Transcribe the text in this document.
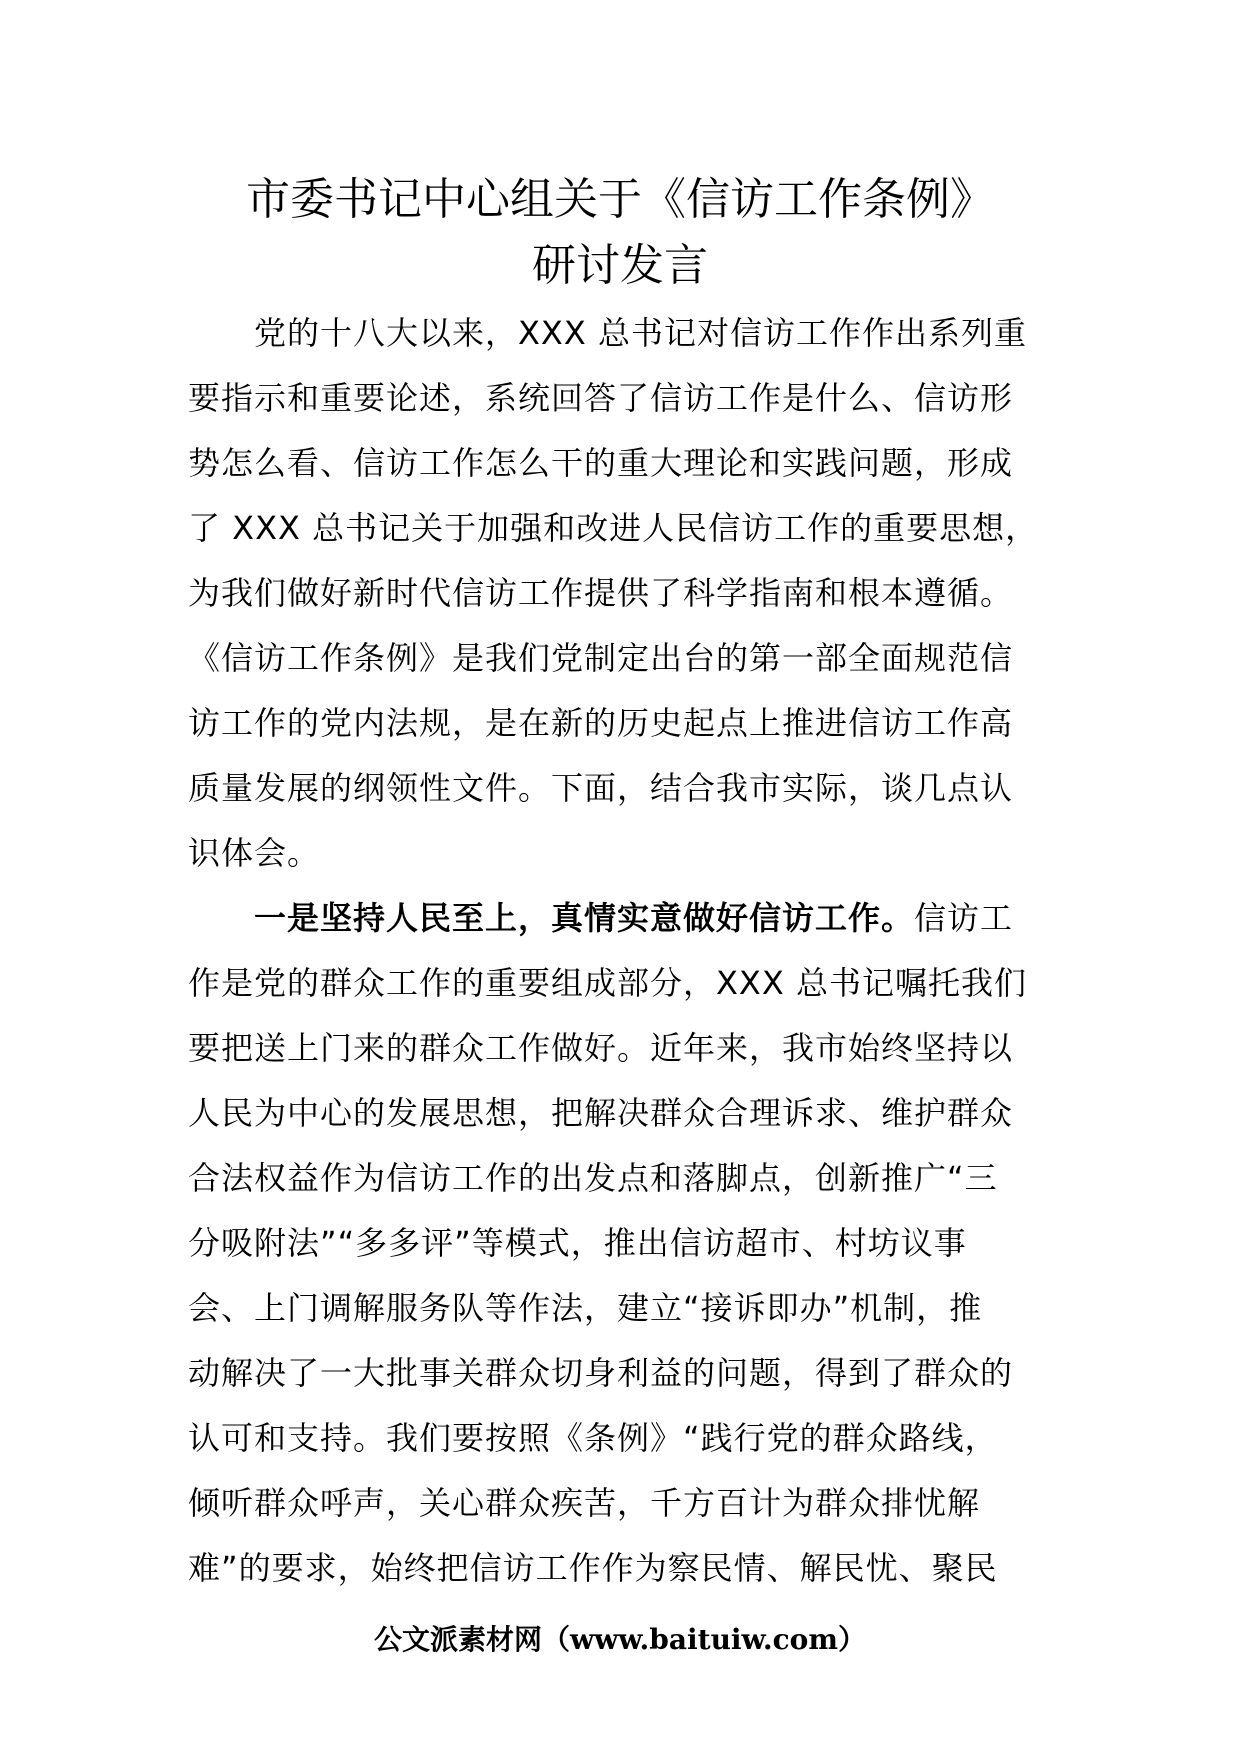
市委书记中心组关于《信访工作条例》
研讨发言
　　党的十八大以来，XXX 总书记对信访工作作出系列重
要指示和重要论述，系统回答了信访工作是什么、信访形
势怎么看、信访工作怎么干的重大理论和实践问题，形成
了 XXX 总书记关于加强和改进人民信访工作的重要思想，
为我们做好新时代信访工作提供了科学指南和根本遵循。
《信访工作条例》是我们党制定出台的第一部全面规范信
访工作的党内法规，是在新的历史起点上推进信访工作高
质量发展的纲领性文件。下面，结合我市实际，谈几点认
识体会。
　　一是坚持人民至上，真情实意做好信访工作。信访工
作是党的群众工作的重要组成部分，XXX 总书记嘱托我们
要把送上门来的群众工作做好。近年来，我市始终坚持以
人民为中心的发展思想，把解决群众合理诉求、维护群众
合法权益作为信访工作的出发点和落脚点，创新推广“三
分吸附法”“多多评”等模式，推出信访超市、村坊议事
会、上门调解服务队等作法，建立“接诉即办”机制，推
动解决了一大批事关群众切身利益的问题，得到了群众的
认可和支持。我们要按照《条例》“践行党的群众路线，
倾听群众呼声，关心群众疾苦，千方百计为群众排忧解
难”的要求，始终把信访工作作为察民情、解民忧、聚民
公文派素材网（www.baituiw.com）
